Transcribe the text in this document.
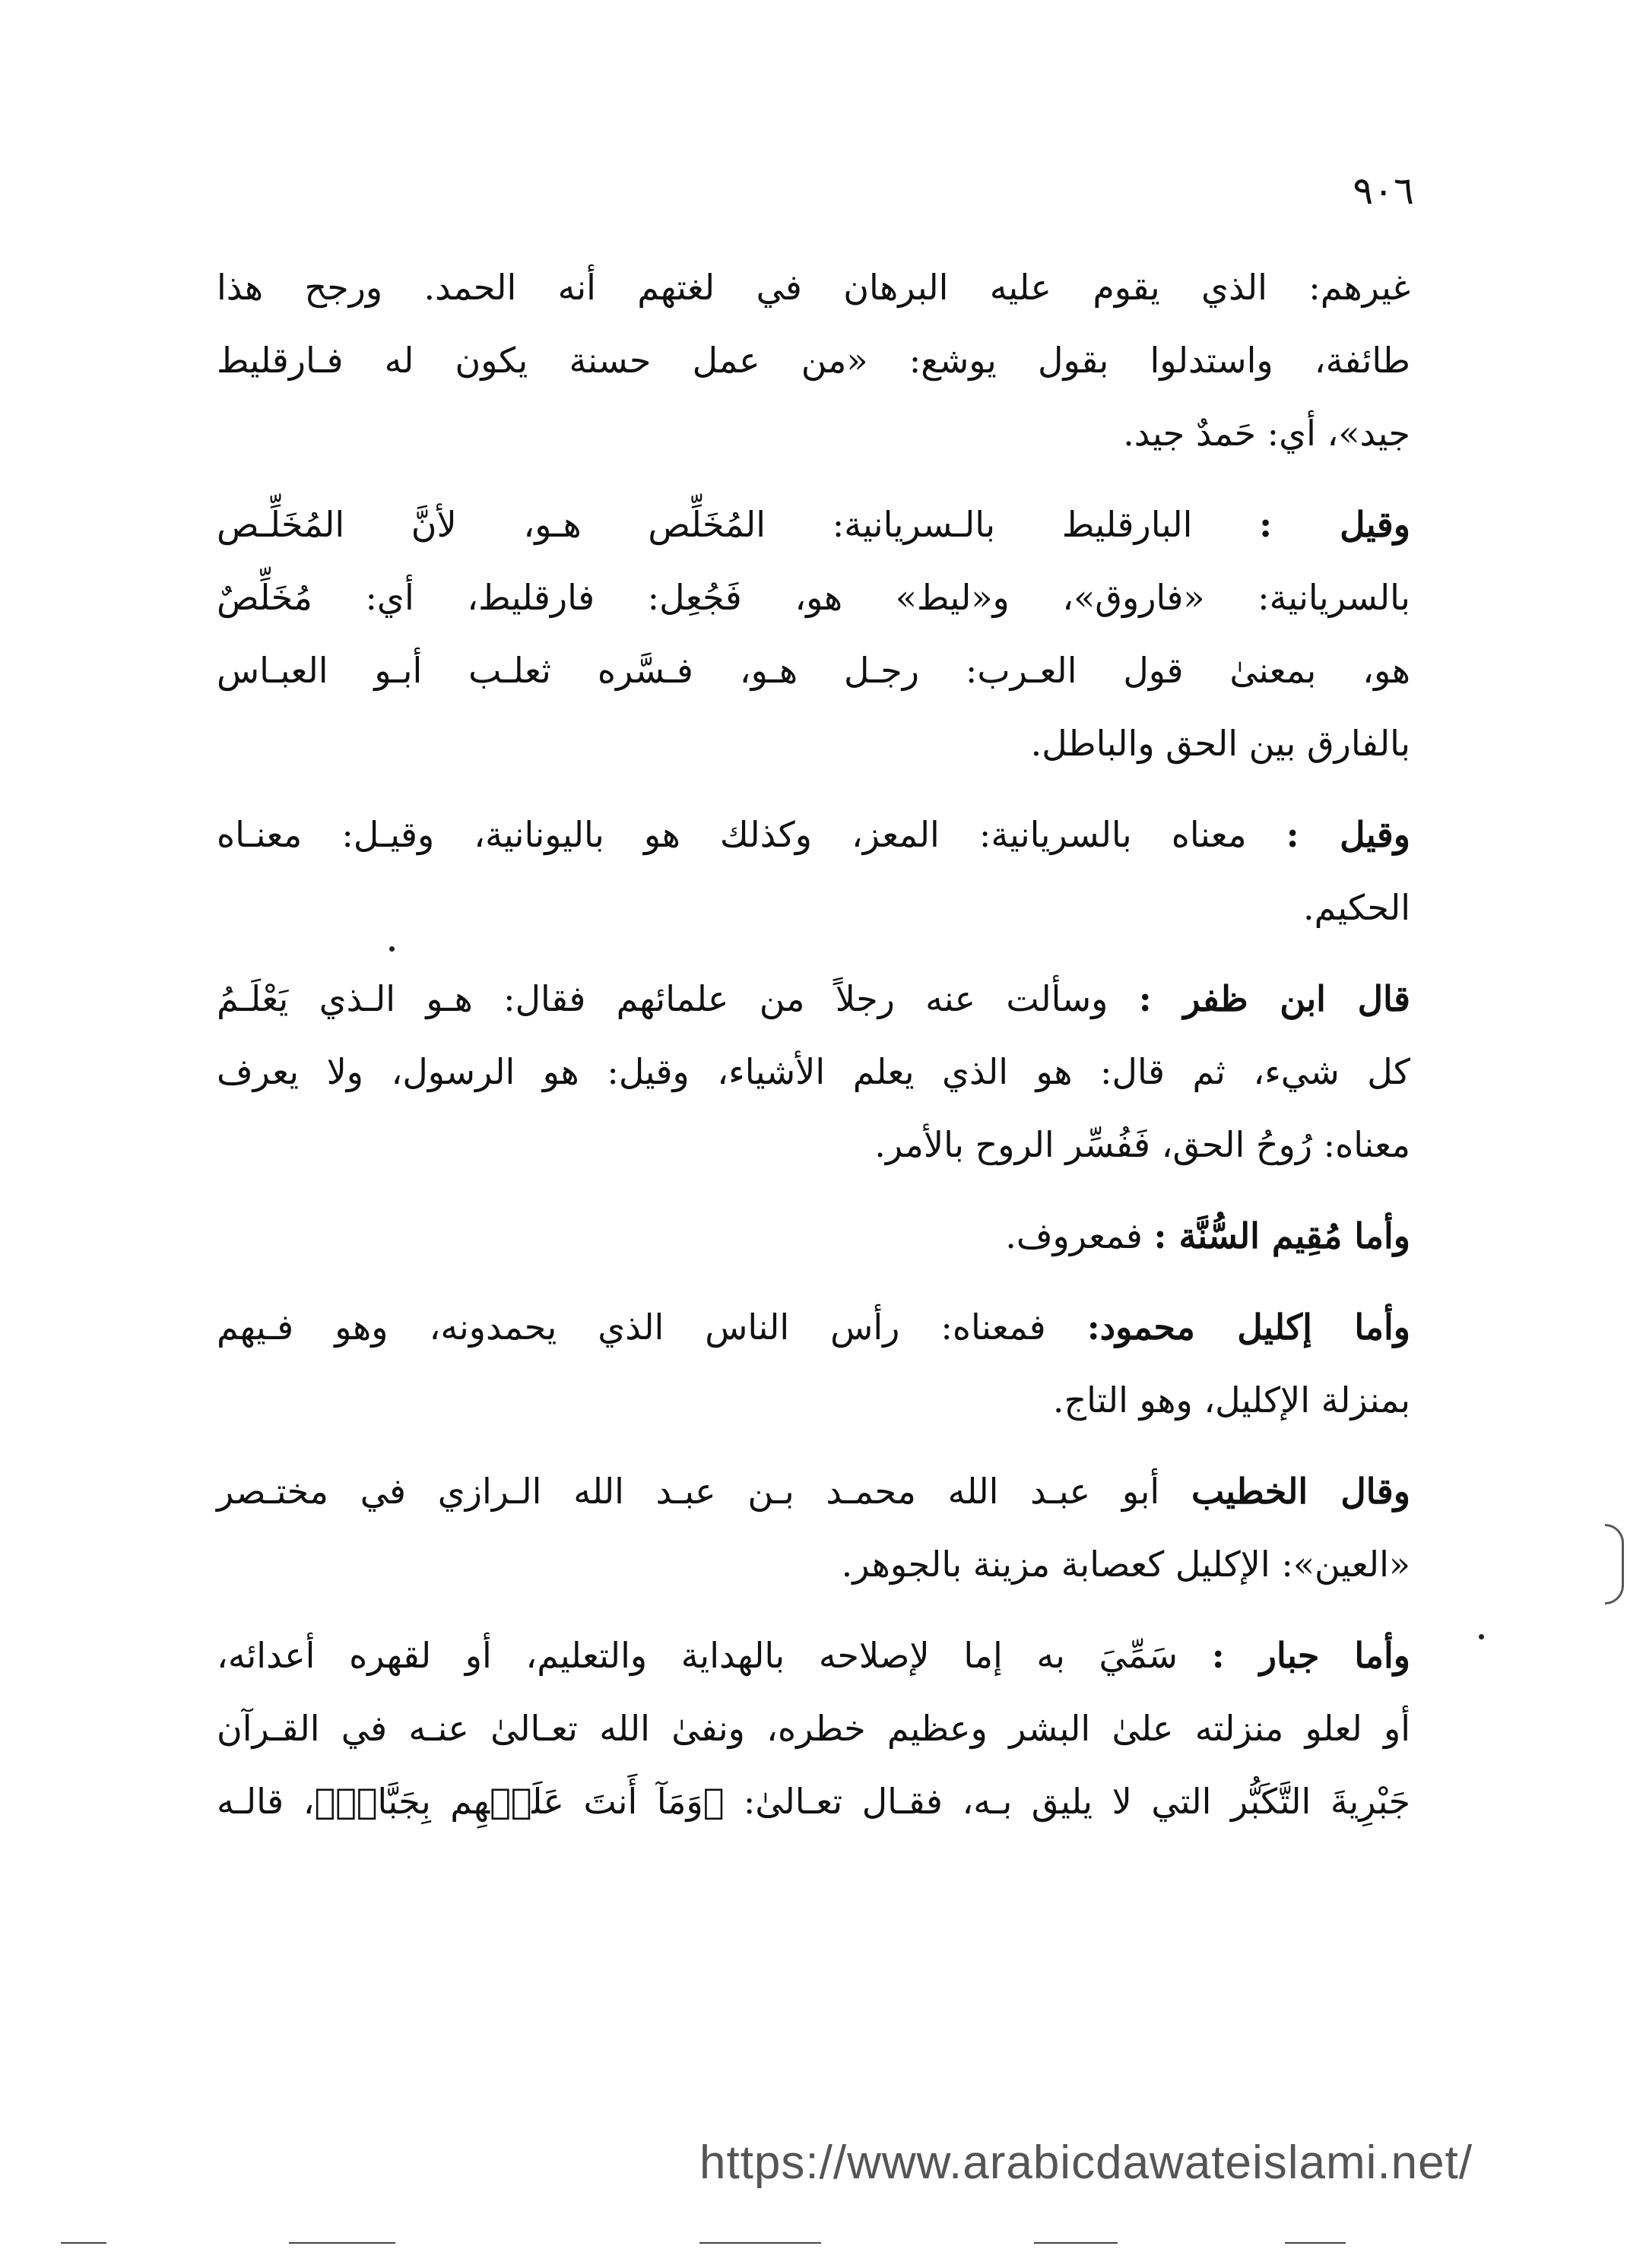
٩٠٦

غيرهم: الذي يقوم عليه البرهان في لغتهم أنه الحمد. ورجح هذا
طائفة، واستدلوا بقول يوشع: «من عمل حسنة يكون له فـارقليط
جيد»، أي: حَمدٌ جيد.

وقيل : البارقليط بالـسريانية: المُخَلِّص هـو، لأنَّ المُخَلِّـص
بالسريانية: «فاروق»، و«ليط» هو، فَجُعِل: فارقليط، أي: مُخَلِّصٌ
هو، بمعنىٰ قول العـرب: رجـل هـو، فـسَّره ثعلـب أبـو العبـاس
بالفارق بين الحق والباطل.

وقيل : معناه بالسريانية: المعز، وكذلك هو باليونانية، وقيـل: معنـاه
الحكيم.

قال ابن ظفر : وسألت عنه رجلاً من علمائهم فقال: هـو الـذي يَعْلَـمُ
كل شيء، ثم قال: هو الذي يعلم الأشياء، وقيل: هو الرسول، ولا يعرف
معناه: رُوحُ الحق، فَفُسِّر الروح بالأمر.

وأما مُقِيم السُّنَّة : فمعروف.

وأما إكليل محمود: فمعناه: رأس الناس الذي يحمدونه، وهو فـيهم
بمنزلة الإكليل، وهو التاج.

وقال الخطيب أبو عبـد الله محمـد بـن عبـد الله الـرازي في مختـصر
«العين»: الإكليل كعصابة مزينة بالجوهر.

وأما جبار : سَمِّيَ به إما لإصلاحه بالهداية والتعليم، أو لقهره أعدائه،
أو لعلو منزلته علىٰ البشر وعظيم خطره، ونفىٰ الله تعـالىٰ عنـه في القـرآن
جَبْرِيةَ التَّكَبُّر التي لا يليق بـه، فقـال تعـالىٰ: ﴿وَمَآ أَنتَ عَلَيۡهِم بِجَبَّارٖ﴾، قالـه

https://www.arabicdawateislami.net/
